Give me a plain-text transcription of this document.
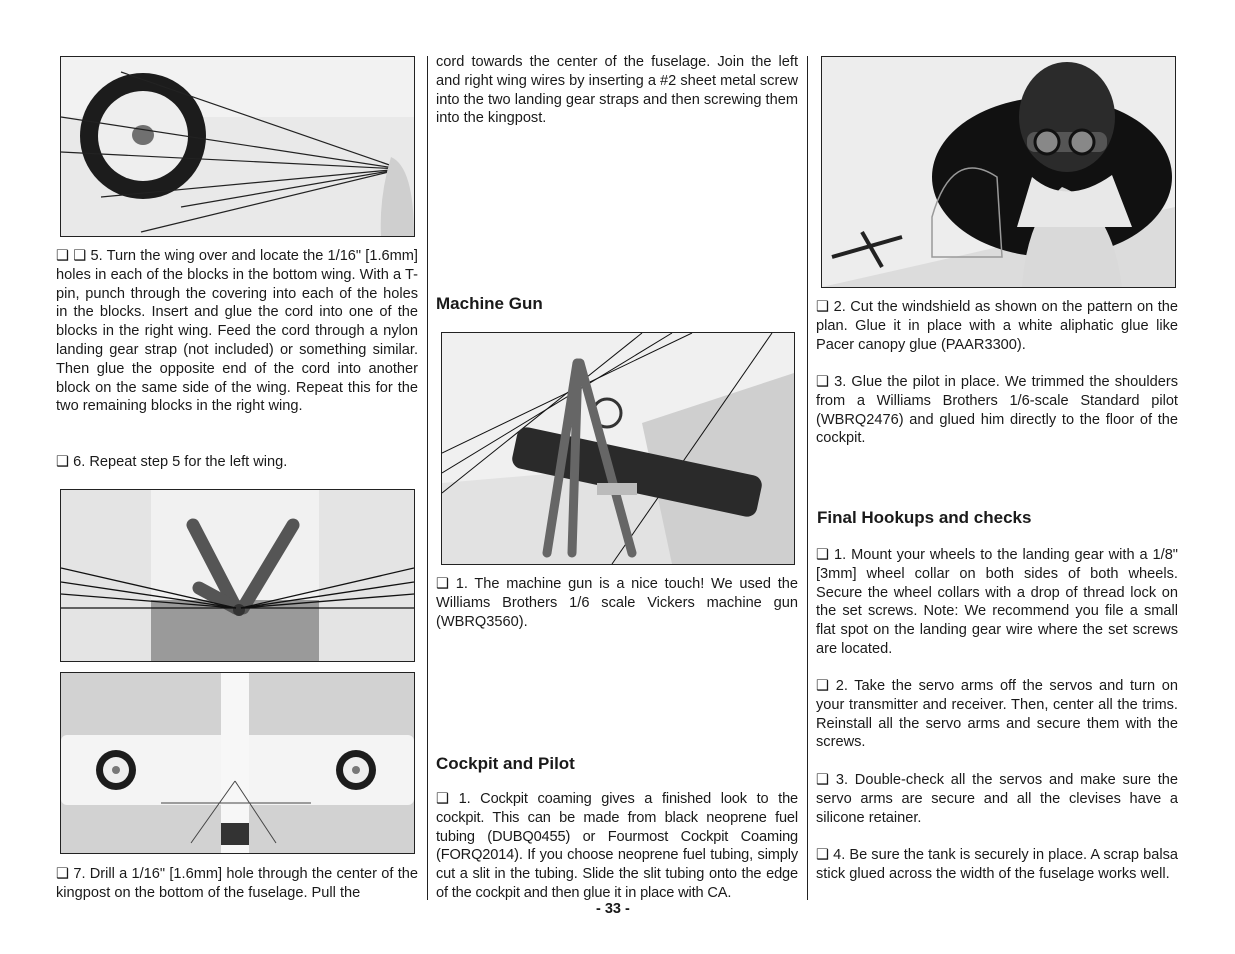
❑ ❑ 5. Turn the wing over and locate the 1/16" [1.6mm] holes in each of the blocks in the bottom wing. With a T-pin, punch through the covering into each of the holes in the blocks. Insert and glue the cord into one of the blocks in the right wing. Feed the cord through a nylon landing gear strap (not included) or something similar. Then glue the opposite end of the cord into another block on the same side of the wing. Repeat this for the two remaining blocks in the right wing.

❑ 6. Repeat step 5 for the left wing.

❑ 7. Drill a 1/16" [1.6mm] hole through the center of the kingpost on the bottom of the fuselage. Pull the

cord towards the center of the fuselage. Join the left and right wing wires by inserting a #2 sheet metal screw into the two landing gear straps and then screwing them into the kingpost.

Machine Gun

❑ 1. The machine gun is a nice touch! We used the Williams Brothers 1/6 scale Vickers machine gun (WBRQ3560).

Cockpit and Pilot

❑ 1. Cockpit coaming gives a finished look to the cockpit. This can be made from black neoprene fuel tubing (DUBQ0455) or Fourmost Cockpit Coaming (FORQ2014). If you choose neoprene fuel tubing, simply cut a slit in the tubing. Slide the slit tubing onto the edge of the cockpit and then glue it in place with CA.

- 33 -

❑ 2. Cut the windshield as shown on the pattern on the plan. Glue it in place with a white aliphatic glue like Pacer canopy glue (PAAR3300).

❑ 3. Glue the pilot in place. We trimmed the shoulders from a Williams Brothers 1/6-scale Standard pilot (WBRQ2476) and glued him directly to the floor of the cockpit.

Final Hookups and checks

❑ 1. Mount your wheels to the landing gear with a 1/8" [3mm] wheel collar on both sides of both wheels. Secure the wheel collars with a drop of thread lock on the set screws. Note: We recommend you file a small flat spot on the landing gear wire where the set screws are located.

❑ 2. Take the servo arms off the servos and turn on your transmitter and receiver. Then, center all the trims. Reinstall all the servo arms and secure them with the screws.

❑ 3. Double-check all the servos and make sure the servo arms are secure and all the clevises have a silicone retainer.

❑ 4. Be sure the tank is securely in place. A scrap balsa stick glued across the width of the fuselage works well.
